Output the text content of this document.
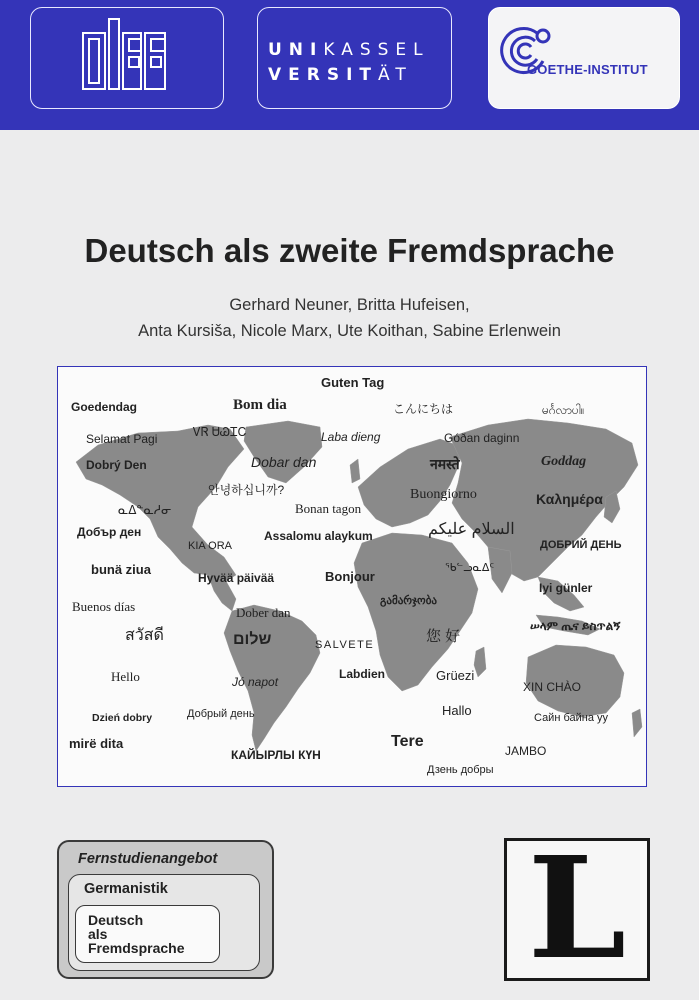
UNIKASSEL
VERSITÄT	GOETHE-INSTITUT
Deutsch als zweite Fremdsprache
Gerhard Neuner, Britta Hufeisen,
Anta Kursiša, Nicole Marx, Ute Koithan, Sabine Erlenwein
Guten Tag
Goedendag	Bom dia	こんにちは	မင်္ဂလာပါ။
Selamat Pagi	ᏙᏒ ᏌᏊᏆᏟ	Laba dieng	Góðan daginn
Dobrý Den	Dobar dan	नमस्ते	Goddag
안녕하십니까?	Buongiorno	Καλημέρα
ᓇᐃᓐᓇᓱᓂ	Bonan tagon
Добър ден	السلام عليكم
KIA ORA
Assalomu alaykum
ДОБРИЙ ДЕНЬ
bunä ziua
Hyvää päivää	Bonjour
ᖃᓪᓗᓇᐃᑦ
Buenos días	გამარჯობა
Iyi günler
Dober dan
สวัสดี	שלום	您 好
ሠላም ጤና ይስጥልኝ
SALVETE
Hello	Jó napot
Labdien	Grüezi
XIN CHÀO
Dzień dobry	Добрый день	Hallo	Сайн байна уу
mirë dita	Tere
КАЙЫРЛЫ КҮН	JAMBO
Дзень добры
Fernstudienangebot
Germanistik
Deutsch
als
Fremdsprache L
